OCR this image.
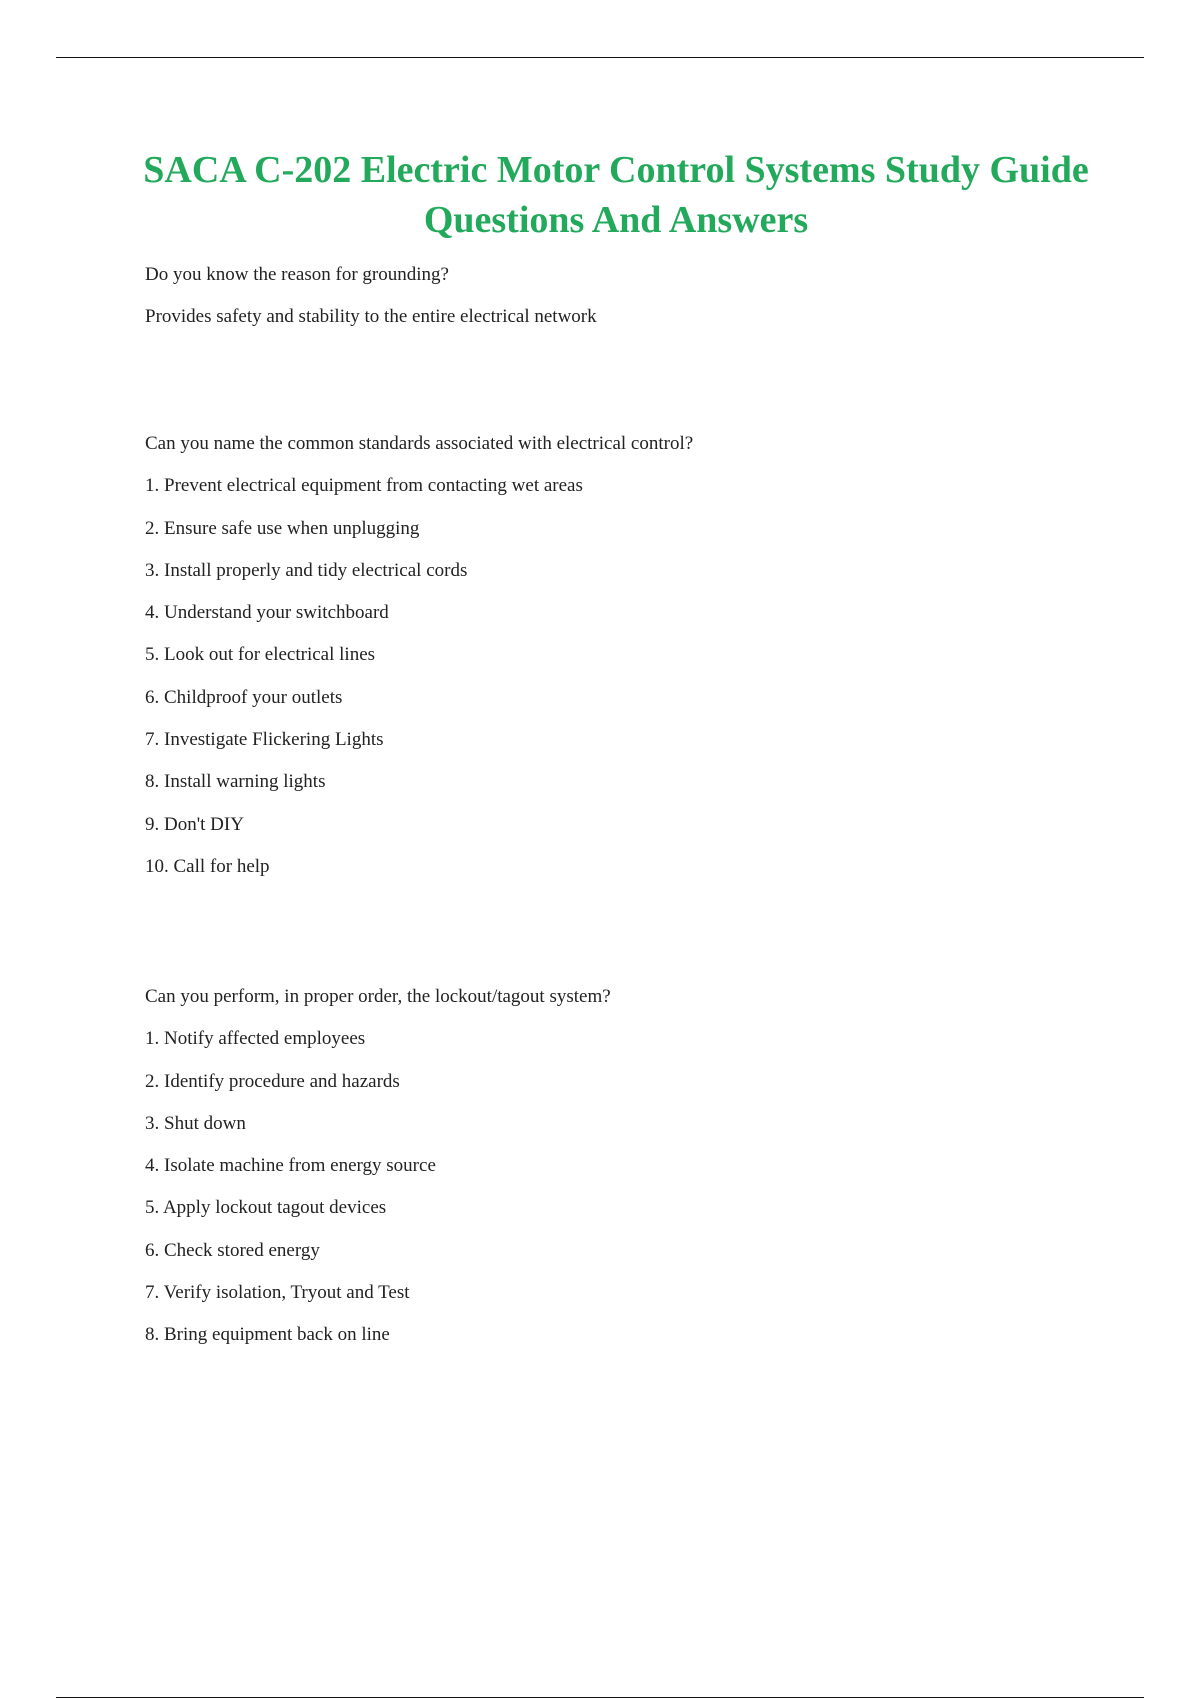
SACA C-202 Electric Motor Control Systems Study Guide Questions And Answers
Do you know the reason for grounding?
Provides safety and stability to the entire electrical network
Can you name the common standards associated with electrical control?
1. Prevent electrical equipment from contacting wet areas
2. Ensure safe use when unplugging
3. Install properly and tidy electrical cords
4. Understand your switchboard
5. Look out for electrical lines
6. Childproof your outlets
7. Investigate Flickering Lights
8. Install warning lights
9. Don't DIY
10. Call for help
Can you perform, in proper order, the lockout/tagout system?
1. Notify affected employees
2. Identify procedure and hazards
3. Shut down
4. Isolate machine from energy source
5. Apply lockout tagout devices
6. Check stored energy
7. Verify isolation, Tryout and Test
8. Bring equipment back on line
